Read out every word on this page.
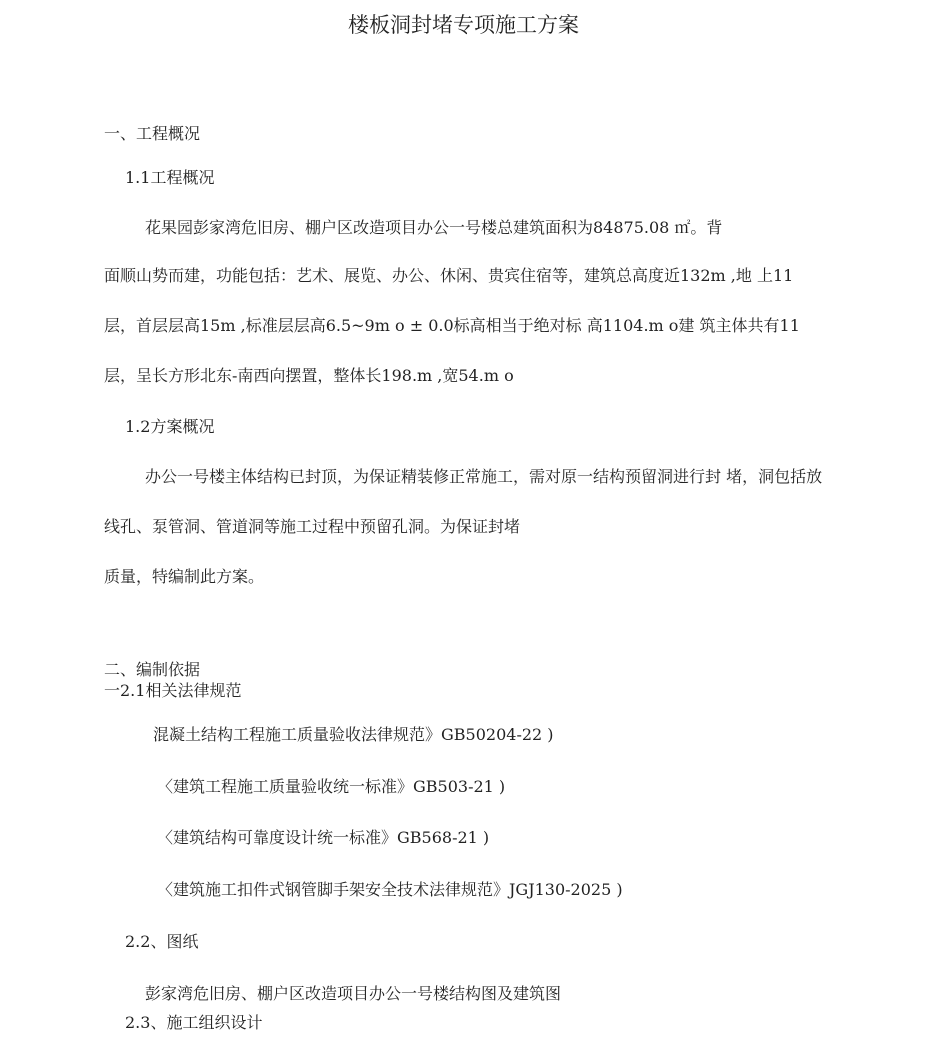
楼板洞封堵专项施工方案
一、工程概况
1.1工程概况
花果园彭家湾危旧房、棚户区改造项目办公一号楼总建筑面积为84875.08 ㎡。背
面顺山势而建，功能包括：艺术、展览、办公、休闲、贵宾住宿等，建筑总高度近132m ,地 上11
层，首层层高15m ,标准层层高6.5~9m o ± 0.0标高相当于绝对标 高1104.m o建 筑主体共有11
层，呈长方形北东-南西向摆置，整体长198.m ,宽54.m o
1.2方案概况
办公一号楼主体结构已封顶，为保证精装修正常施工，需对原一结构预留洞进行封 堵，洞包括放
线孔、泵管洞、管道洞等施工过程中预留孔洞。为保证封堵
质量，特编制此方案。
二、编制依据
一2.1相关法律规范
混凝土结构工程施工质量验收法律规范》GB50204-22 )
〈建筑工程施工质量验收统一标准》GB503-21 )
〈建筑结构可靠度设计统一标准》GB568-21 )
〈建筑施工扣件式钢管脚手架安全技术法律规范》JGJ130-2025 )
2.2、图纸
彭家湾危旧房、棚户区改造项目办公一号楼结构图及建筑图
2.3、施工组织设计
